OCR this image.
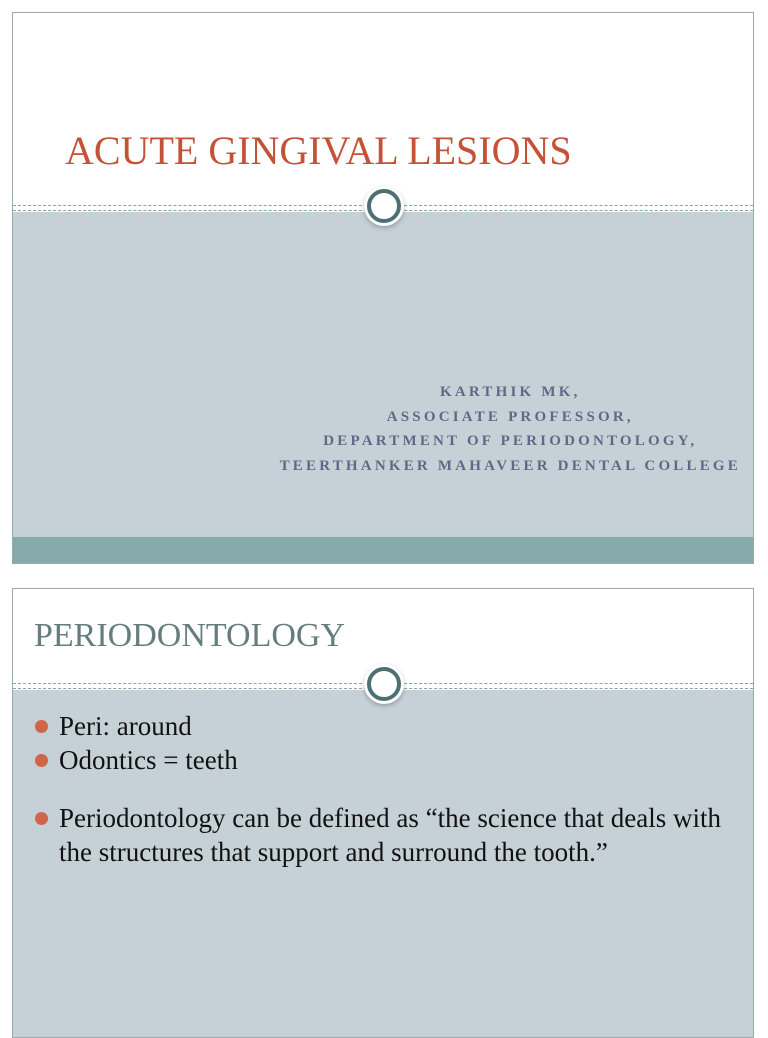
ACUTE GINGIVAL LESIONS
KARTHIK MK,
ASSOCIATE PROFESSOR,
DEPARTMENT OF PERIODONTOLOGY,
TEERTHANKER MAHAVEER DENTAL COLLEGE
PERIODONTOLOGY
Peri: around
Odontics = teeth
Periodontology can be defined as “the science that deals with the structures that support and surround the tooth.”
